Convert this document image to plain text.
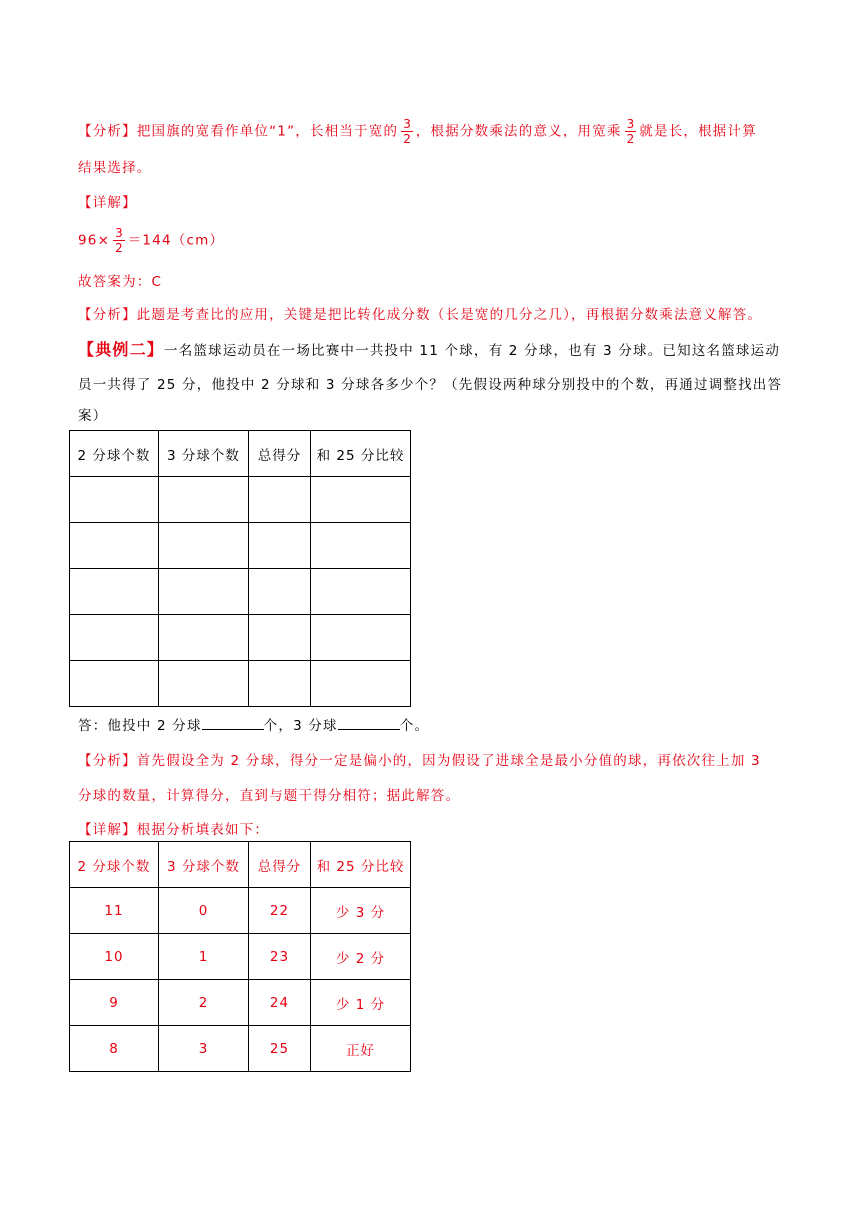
【分析】把国旗的宽看作单位“1”，长相当于宽的 $\frac{3}{2}$ ，根据分数乘法的意义，用宽乘 $\frac{3}{2}$ 就是长，根据计算
结果选择。
【详解】
$96\times \frac{3}{2} =144(cm)$
故答案为：C
【分析】此题是考查比的应用，关键是把比转化成分数（长是宽的几分之几），再根据分数乘法意义解答。
【典例二】一名篮球运动员在一场比赛中一共投中 11 个球，有 2 分球，也有 3 分球。已知这名篮球运动
员一共得了 25 分，他投中 2 分球和 3 分球各多少个？（先假设两种球分别投中的个数，再通过调整找出答
案）
2 分球个数	3 分球个数	总得分	和 25 分比较

答：他投中 2 分球	个，3 分球	个。
【分析】首先假设全为 2 分球，得分一定是偏小的，因为假设了进球全是最小分值的球，再依次往上加 3
分球的数量，计算得分，直到与题干得分相符；据此解答。
【详解】根据分析填表如下：
2 分球个数	3 分球个数	总得分	和 25 分比较
11	0	22	少 3 分
10	1	23	少 2 分
9	2	24	少 1 分
8	3	25	正好
